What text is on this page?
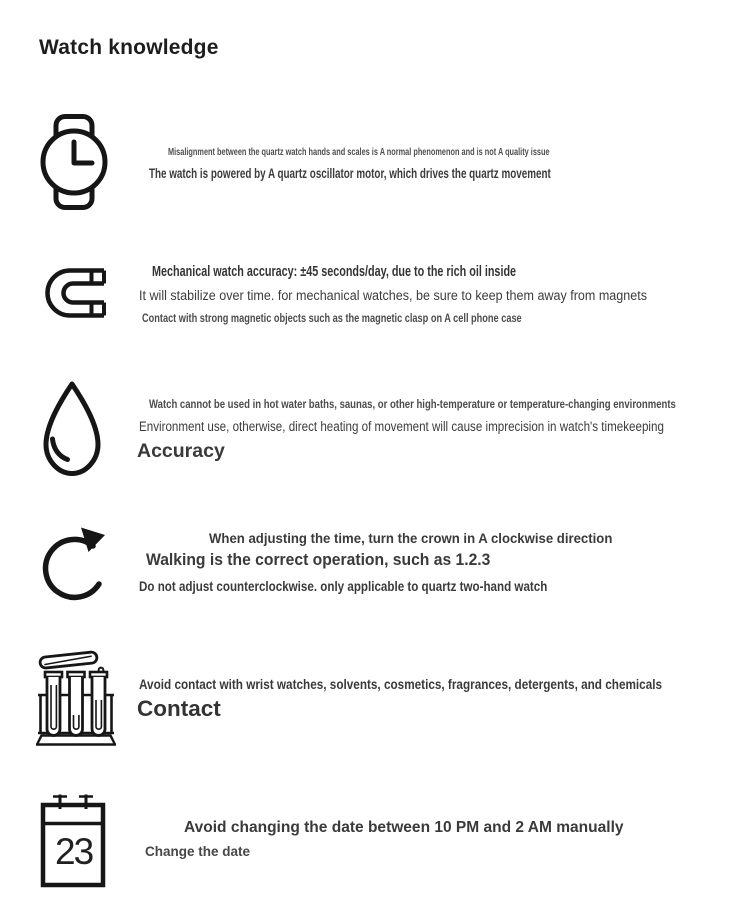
Watch knowledge
Misalignment between the quartz watch hands and scales is A normal phenomenon and is not A quality issue
The watch is powered by A quartz oscillator motor, which drives the quartz movement
Mechanical watch accuracy: ±45 seconds/day, due to the rich oil inside
It will stabilize over time. for mechanical watches, be sure to keep them away from magnets
Contact with strong magnetic objects such as the magnetic clasp on A cell phone case
Watch cannot be used in hot water baths, saunas, or other high-temperature or temperature-changing environments
Environment use, otherwise, direct heating of movement will cause imprecision in watch's timekeeping
Accuracy
When adjusting the time, turn the crown in A clockwise direction
Walking is the correct operation, such as 1.2.3
Do not adjust counterclockwise. only applicable to quartz two-hand watch
Avoid contact with wrist watches, solvents, cosmetics, fragrances, detergents, and chemicals
Contact
23
Avoid changing the date between 10 PM and 2 AM manually
Change the date
